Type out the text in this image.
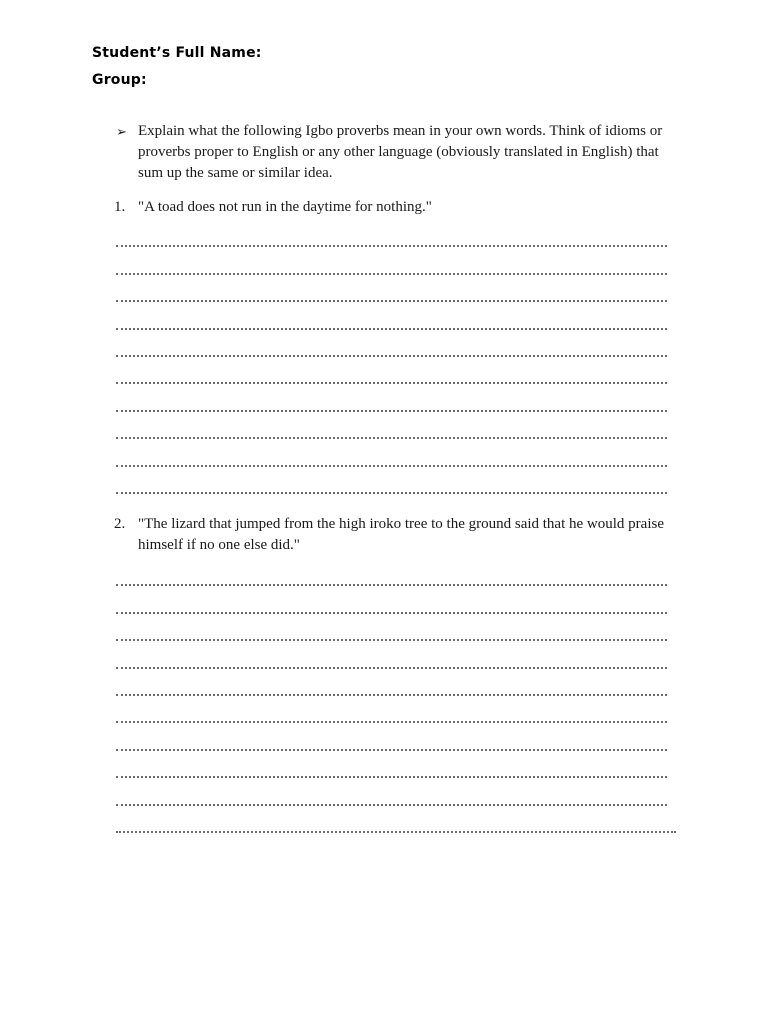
Student’s Full Name:
Group:
➢ Explain what the following Igbo proverbs mean in your own words. Think of idioms or proverbs proper to English or any other language (obviously translated in English) that sum up the same or similar idea.
1. "A toad does not run in the daytime for nothing."
2. "The lizard that jumped from the high iroko tree to the ground said that he would praise himself if no one else did."
